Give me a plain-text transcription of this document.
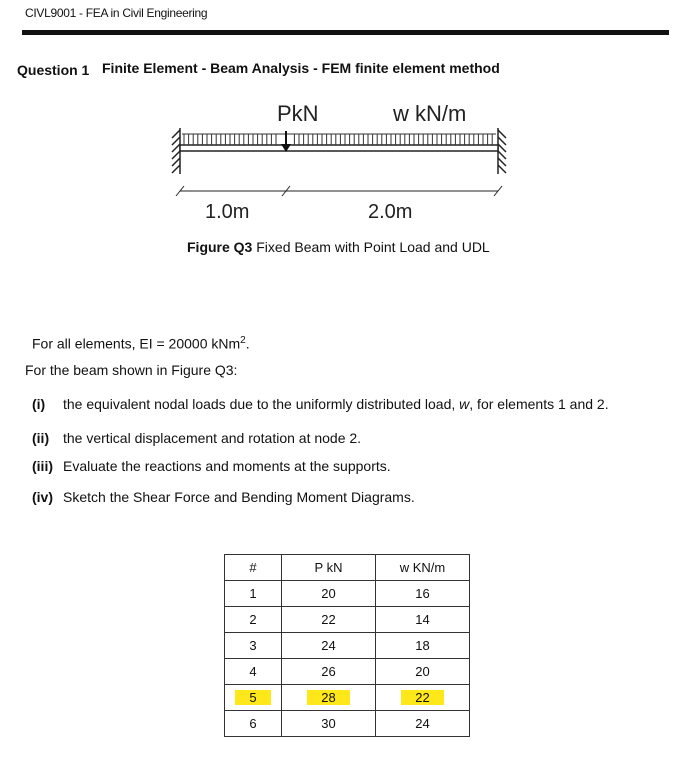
CIVL9001 - FEA in Civil Engineering
Question 1 Finite Element - Beam Analysis - FEM finite element method
PkN	w kN/m
1.0m	2.0m
Figure Q3 Fixed Beam with Point Load and UDL
For all elements, EI = 20000 kNm$^2$.
For the beam shown in Figure Q3:
(i) the equivalent nodal loads due to the uniformly distributed load, w, for elements 1 and 2.
(ii) the vertical displacement and rotation at node 2.
(iii) Evaluate the reactions and moments at the supports.
(iv) Sketch the Shear Force and Bending Moment Diagrams.
#	P kN	w KN/m
1	20	16
2	22	14
3	24	18
4	26	20
5	28	22
6	30	24
